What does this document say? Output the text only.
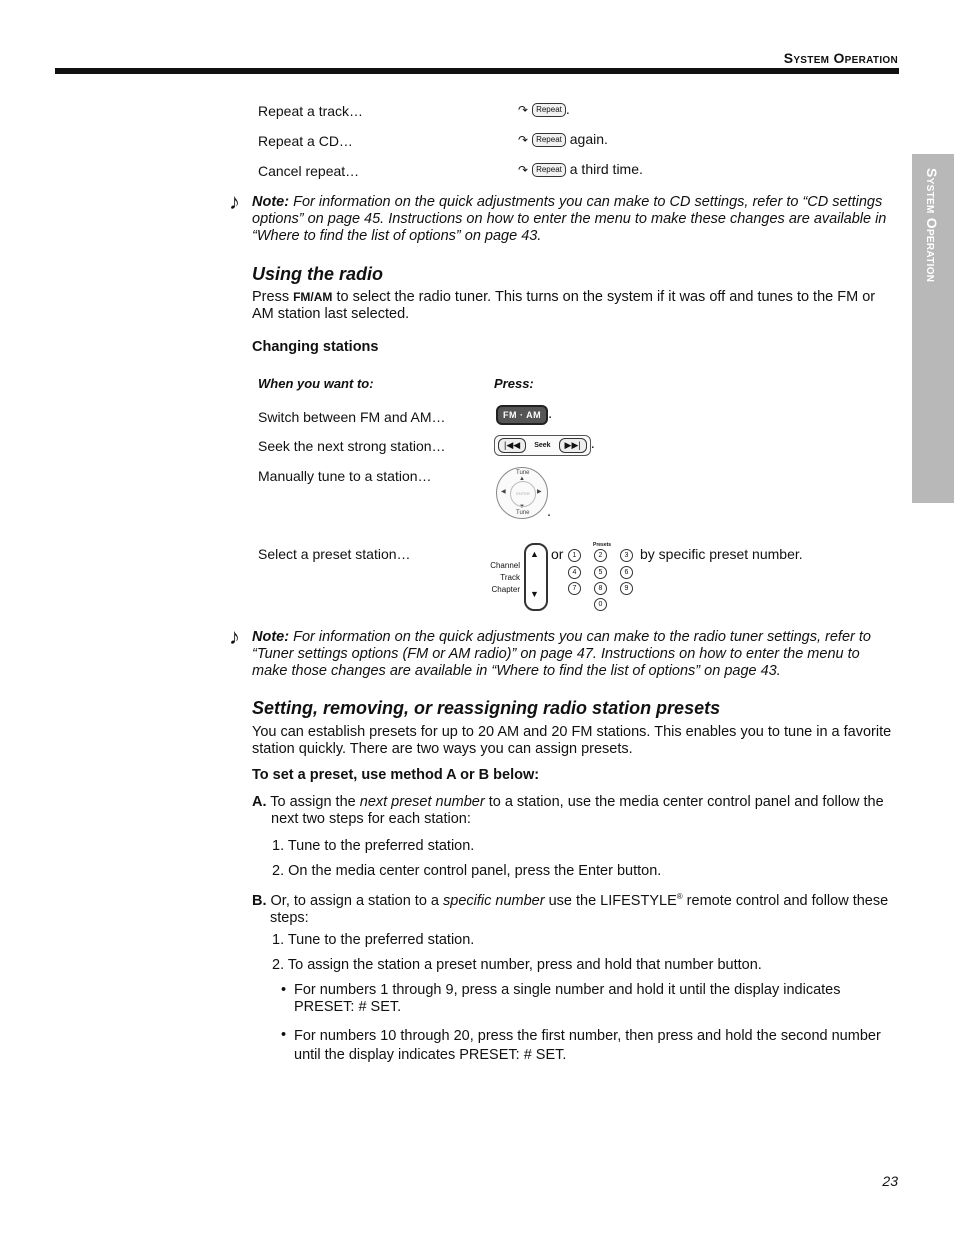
System Operation
System Operation
Repeat a track…	↷ Repeat .
Repeat a CD…	↷ Repeat again.
Cancel repeat…	↷ Repeat a third time.
♪ Note: For information on the quick adjustments you can make to CD settings, refer to “CD settings options” on page 45. Instructions on how to enter the menu to make these changes are available in “Where to find the list of options” on page 43.
Using the radio
Press FM/AM to select the radio tuner. This turns on the system if it was off and tunes to the FM or AM station last selected.
Changing stations
When you want to:	Press:
Switch between FM and AM…	FM · AM .
Seek the next strong station…	|◀◀	Seek	▶▶| .
Manually tune to a station…	Tune
▲
◀	▶
▼
Tune
ENTER
.
Select a preset station…
Channel
Track
Chapter
▲
▼
or
Presets
1	2	3
4	5	6
7	8	9
0
by specific preset number.
♪ Note: For information on the quick adjustments you can make to the radio tuner settings, refer to “Tuner settings options (FM or AM radio)” on page 47. Instructions on how to enter the menu to make those changes are available in “Where to find the list of options” on page 43.
Setting, removing, or reassigning radio station presets
You can establish presets for up to 20 AM and 20 FM stations. This enables you to tune in a favorite station quickly. There are two ways you can assign presets.
To set a preset, use method A or B below:
A. To assign the next preset number to a station, use the media center control panel and follow the next two steps for each station:
1. Tune to the preferred station.
2. On the media center control panel, press the Enter button.
B. Or, to assign a station to a specific number use the LIFESTYLE® remote control and follow these steps:
1. Tune to the preferred station.
2. To assign the station a preset number, press and hold that number button.
• For numbers 1 through 9, press a single number and hold it until the display indicates PRESET: # SET.
• For numbers 10 through 20, press the first number, then press and hold the second number until the display indicates PRESET: # SET.
23
